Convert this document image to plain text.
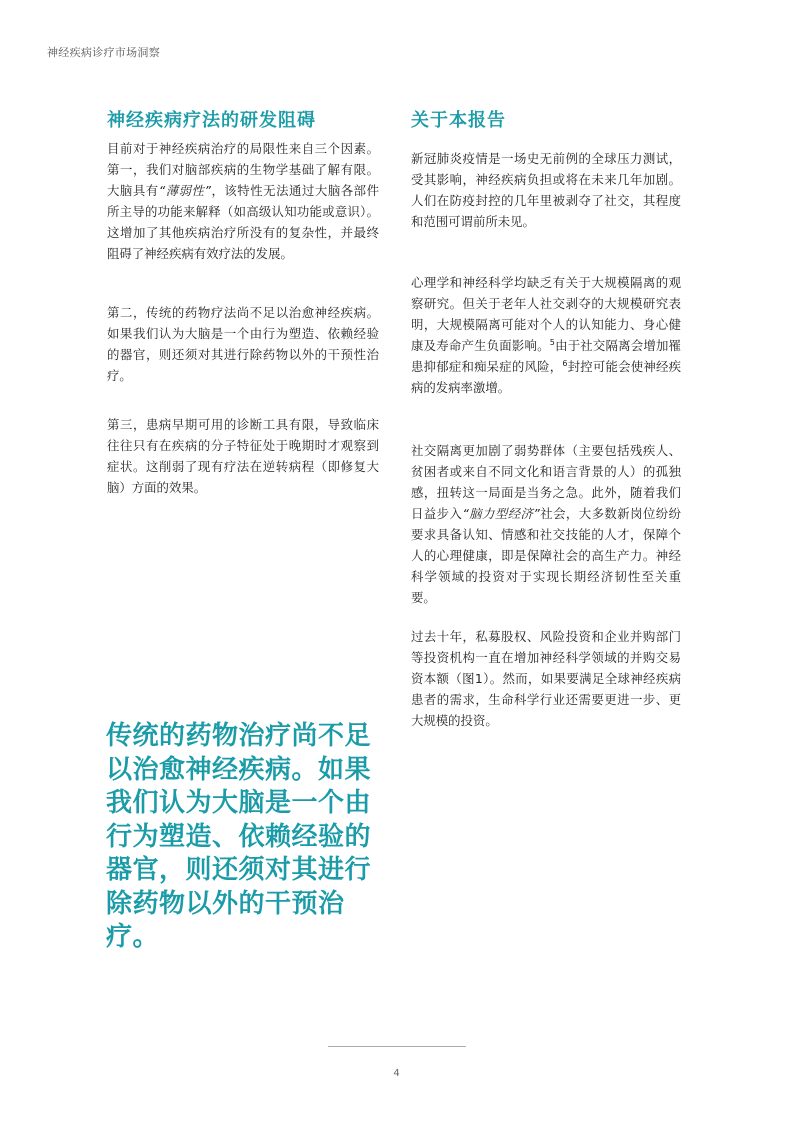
神经疾病诊疗市场洞察
神经疾病疗法的研发阻碍

目前对于神经疾病治疗的局限性来自三个因素。第一，我们对脑部疾病的生物学基础了解有限。大脑具有“薄弱性”，该特性无法通过大脑各部件所主导的功能来解释（如高级认知功能或意识）。这增加了其他疾病治疗所没有的复杂性，并最终阻碍了神经疾病有效疗法的发展。

第二，传统的药物疗法尚不足以治愈神经疾病。如果我们认为大脑是一个由行为塑造、依赖经验的器官，则还须对其进行除药物以外的干预性治疗。

第三，患病早期可用的诊断工具有限，导致临床往往只有在疾病的分子特征处于晚期时才观察到症状。这削弱了现有疗法在逆转病程（即修复大脑）方面的效果。

传统的药物治疗尚不足以治愈神经疾病。如果我们认为大脑是一个由行为塑造、依赖经验的器官，则还须对其进行除药物以外的干预治疗。

关于本报告

新冠肺炎疫情是一场史无前例的全球压力测试，受其影响，神经疾病负担或将在未来几年加剧。人们在防疫封控的几年里被剥夺了社交，其程度和范围可谓前所未见。

心理学和神经科学均缺乏有关于大规模隔离的观察研究。但关于老年人社交剥夺的大规模研究表明，大规模隔离可能对个人的认知能力、身心健康及寿命产生负面影响。$^5$由于社交隔离会增加罹患抑郁症和痴呆症的风险，$^6$封控可能会使神经疾病的发病率激增。

社交隔离更加剧了弱势群体（主要包括残疾人、贫困者或来自不同文化和语言背景的人）的孤独感，扭转这一局面是当务之急。此外，随着我们日益步入“脑力型经济”社会，大多数新岗位纷纷要求具备认知、情感和社交技能的人才，保障个人的心理健康，即是保障社会的高生产力。神经科学领域的投资对于实现长期经济韧性至关重要。

过去十年，私募股权、风险投资和企业并购部门等投资机构一直在增加神经科学领域的并购交易资本额（图1）。然而，如果要满足全球神经疾病患者的需求，生命科学行业还需要更进一步、更大规模的投资。

4
